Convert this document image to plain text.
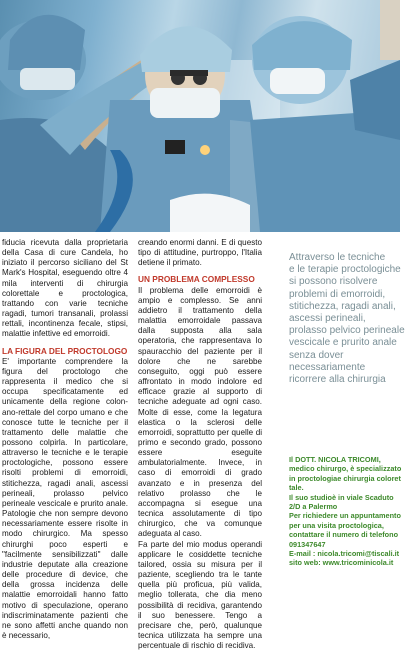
fiducia ricevuta dalla proprietaria della Casa di cure Candela, ho iniziato il percorso siciliano del St Mark's Hospital, eseguendo oltre 4 mila interventi di chirurgia colorettale e proctologica, trattando con varie tecniche ragadi, tumori transanali, prolassi rettali, incontinenza fecale, stipsi, malattie infettive ed emorroidi.

LA FIGURA DEL PROCTOLOGO

E' importante comprendere la figura del proctologo che rappresenta il medico che si occupa specificatamente ed unicamente della regione colon-ano-rettale del corpo umano e che conosce tutte le tecniche per il trattamento delle malattie che possono colpirla. In particolare, attraverso le tecniche e le terapie proctologiche, possono essere risolti problemi di emorroidi, stitichezza, ragadi anali, ascessi perineali, prolasso pelvico perineale vescicale e prurito anale. Patologie che non sempre devono necessariamente essere risolte in modo chirurgico. Ma spesso chirurghi poco esperti e "facilmente sensibilizzati" dalle industrie deputate alla creazione delle procedure di device, che della grossa incidenza delle malattie emorroidali hanno fatto motivo di speculazione, operano indiscriminatamente pazienti che ne sono affetti anche quando non è necessario,

creando enormi danni. E di questo tipo di attitudine, purtroppo, l'Italia detiene il primato.

UN PROBLEMA COMPLESSO

Il problema delle emorroidi è ampio e complesso. Se anni addietro il trattamento della malattia emorroidale passava dalla supposta alla sala operatoria, che rappresentava lo spauracchio del paziente per il dolore che ne sarebbe conseguito, oggi può essere affrontato in modo indolore ed efficace grazie al supporto di tecniche adeguate ad ogni caso. Molte di esse, come la legatura elastica o la sclerosi delle emorroidi, soprattutto per quelle di primo e secondo grado, possono essere eseguite ambulatorialmente. Invece, in caso di emorroidi di grado avanzato e in presenza del relativo prolasso che le accompagna si esegue una tecnica assolutamente di tipo chirurgico, che va comunque adeguata al caso.

Fa parte del mio modus operandi applicare le cosiddette tecniche tailored, ossia su misura per il paziente, scegliendo tra le tante quella più proficua, più valida, meglio tollerata, che dia meno possibilità di recidiva, garantendo il suo benessere. Tengo a precisare che, però, qualunque tecnica utilizzata ha sempre una percentuale di rischio di recidiva.

Attraverso le tecniche
e le terapie proctologiche
si possono risolvere
problemi di emorroidi,
stitichezza, ragadi anali,
ascessi perineali,
prolasso pelvico perineale
vescicale e prurito anale
senza dover
necessariamente
ricorrere alla chirurgia
Il DOTT. NICOLA TRICOMI,
medico chirurgo, è specializzato
in proctologiae chirurgia coloret
tale.
Il suo studioè in viale Scaduto
2/D a Palermo
Per richiedere un appuntamento
per una visita proctologica,
contattare il numero di telefono
091347647
E-mail : nicola.tricomi@tiscali.it
sito web: www.tricominicola.it
